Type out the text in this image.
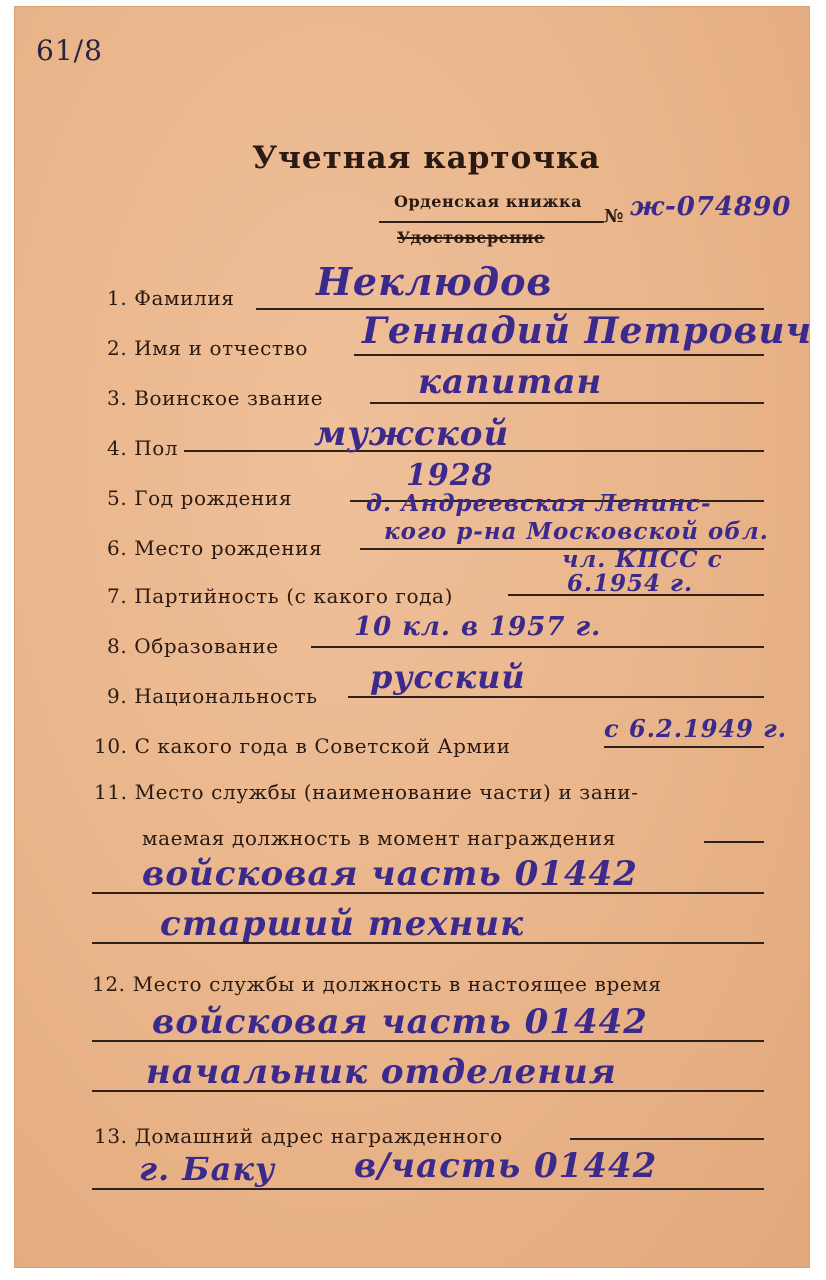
61/8
Учетная карточка
Орденская книжка
Удостоверение
№ ж-074890
1. Фамилия Неклюдов
2. Имя и отчество Геннадий Петрович
3. Воинское звание	капитан
4. Пол	мужской
5. Год рождения
1928
6. Место рождения
д. Андреевская Ленинс-
кого р-на Московской обл.
7. Партийность (с какого года)
чл. КПСС с
6.1954 г.
8. Образование
10 кл. в 1957 г.
9. Национальность русский
10. С какого года в Советской Армии
с 6.2.1949 г.
11. Место службы (наименование части) и зани-
маемая должность в момент награждения
войсковая часть 01442
старший техник
12. Место службы и должность в настоящее время
войсковая часть 01442
начальник отделения
13. Домашний адрес награжденного
г. Баку в/часть 01442
